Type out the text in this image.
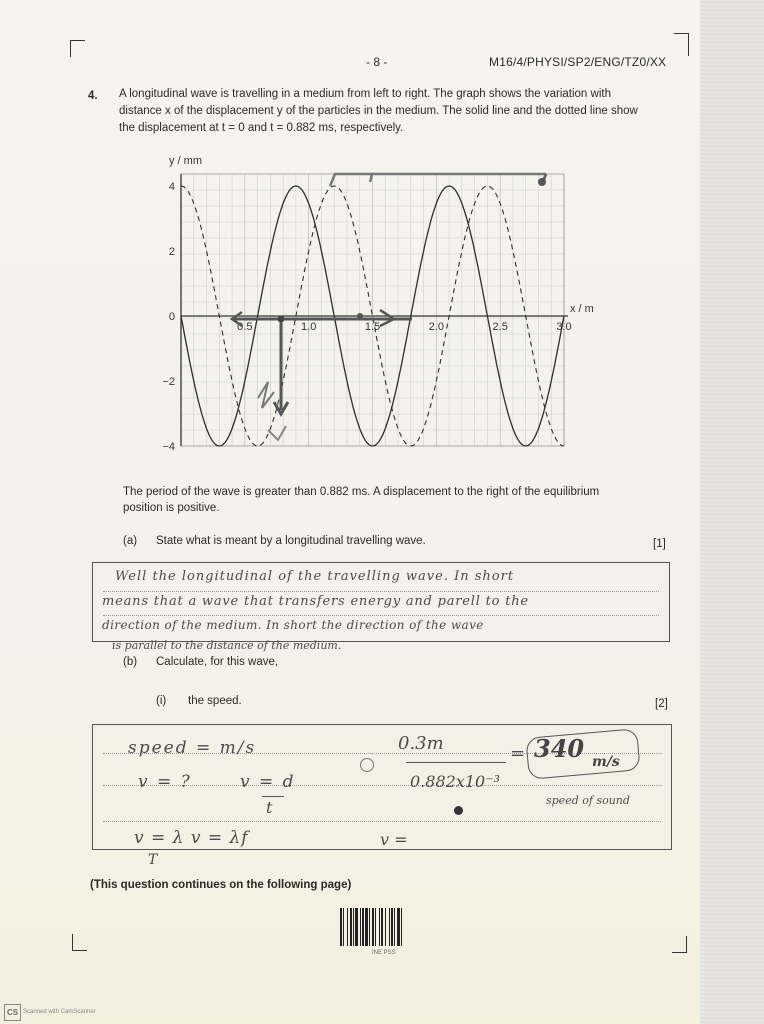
- 8 -	M16/4/PHYSI/SP2/ENG/TZ0/XX
4. A longitudinal wave is travelling in a medium from left to right. The graph shows the variation with distance x of the displacement y of the particles in the medium. The solid line and the dotted line show the displacement at t = 0 and t = 0.882 ms, respectively.
0.5	1.0	1.5	2.0	2.5	3.0
4
2
0
−2
−4
y / mm
x / m
The period of the wave is greater than 0.882 ms. A displacement to the right of the equilibrium position is positive.
(a) State what is meant by a longitudinal travelling wave.	[1]
Well the longitudinal of the travelling wave. In short
means that a wave that transfers energy and parell to the
direction of the medium. In short the direction of the wave
is parallel to the distance of the medium.
(b) Calculate, for this wave,
(i) the speed.	[2]
speed = m/s	0.3m	= 340 m/s
v = ?	v = d
t
0.882x10⁻³
speed of sound
v = λ v = λf
T
v =
(This question continues on the following page)
INE PSS
CS Scanned with CamScanner
